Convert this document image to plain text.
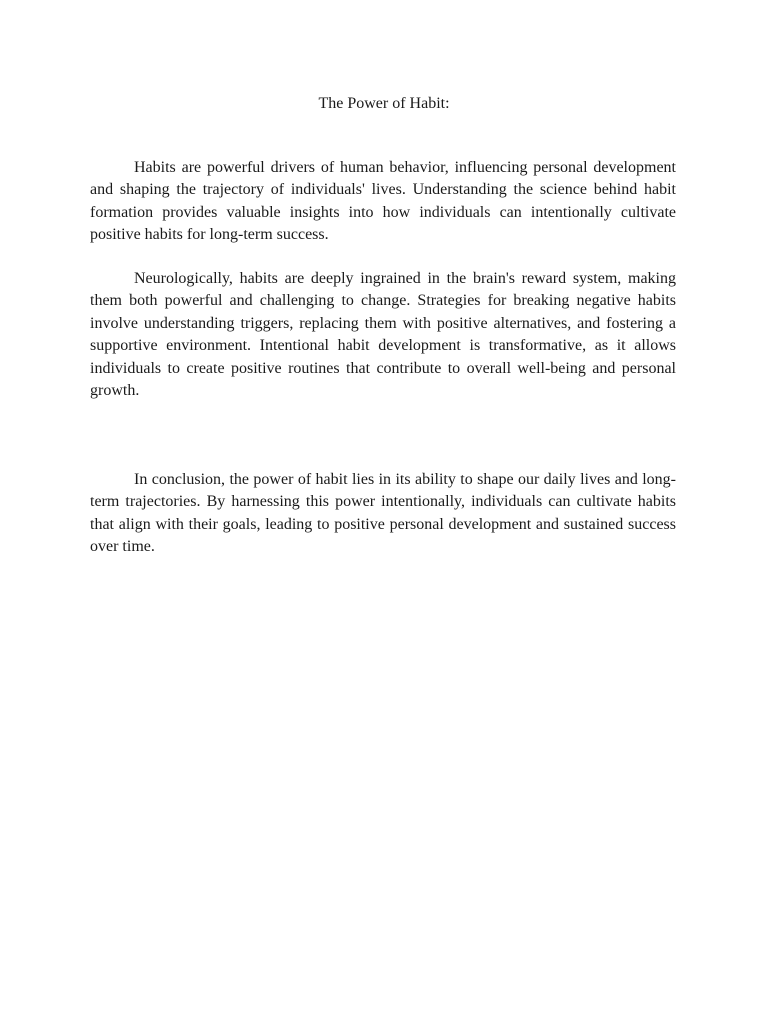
The Power of Habit:

Habits are powerful drivers of human behavior, influencing personal development and shaping the trajectory of individuals' lives. Understanding the science behind habit formation provides valuable insights into how individuals can intentionally cultivate positive habits for long-term success.

Neurologically, habits are deeply ingrained in the brain's reward system, making them both powerful and challenging to change. Strategies for breaking negative habits involve understanding triggers, replacing them with positive alternatives, and fostering a supportive environment. Intentional habit development is transformative, as it allows individuals to create positive routines that contribute to overall well-being and personal growth.

In conclusion, the power of habit lies in its ability to shape our daily lives and long-term trajectories. By harnessing this power intentionally, individuals can cultivate habits that align with their goals, leading to positive personal development and sustained success over time.
